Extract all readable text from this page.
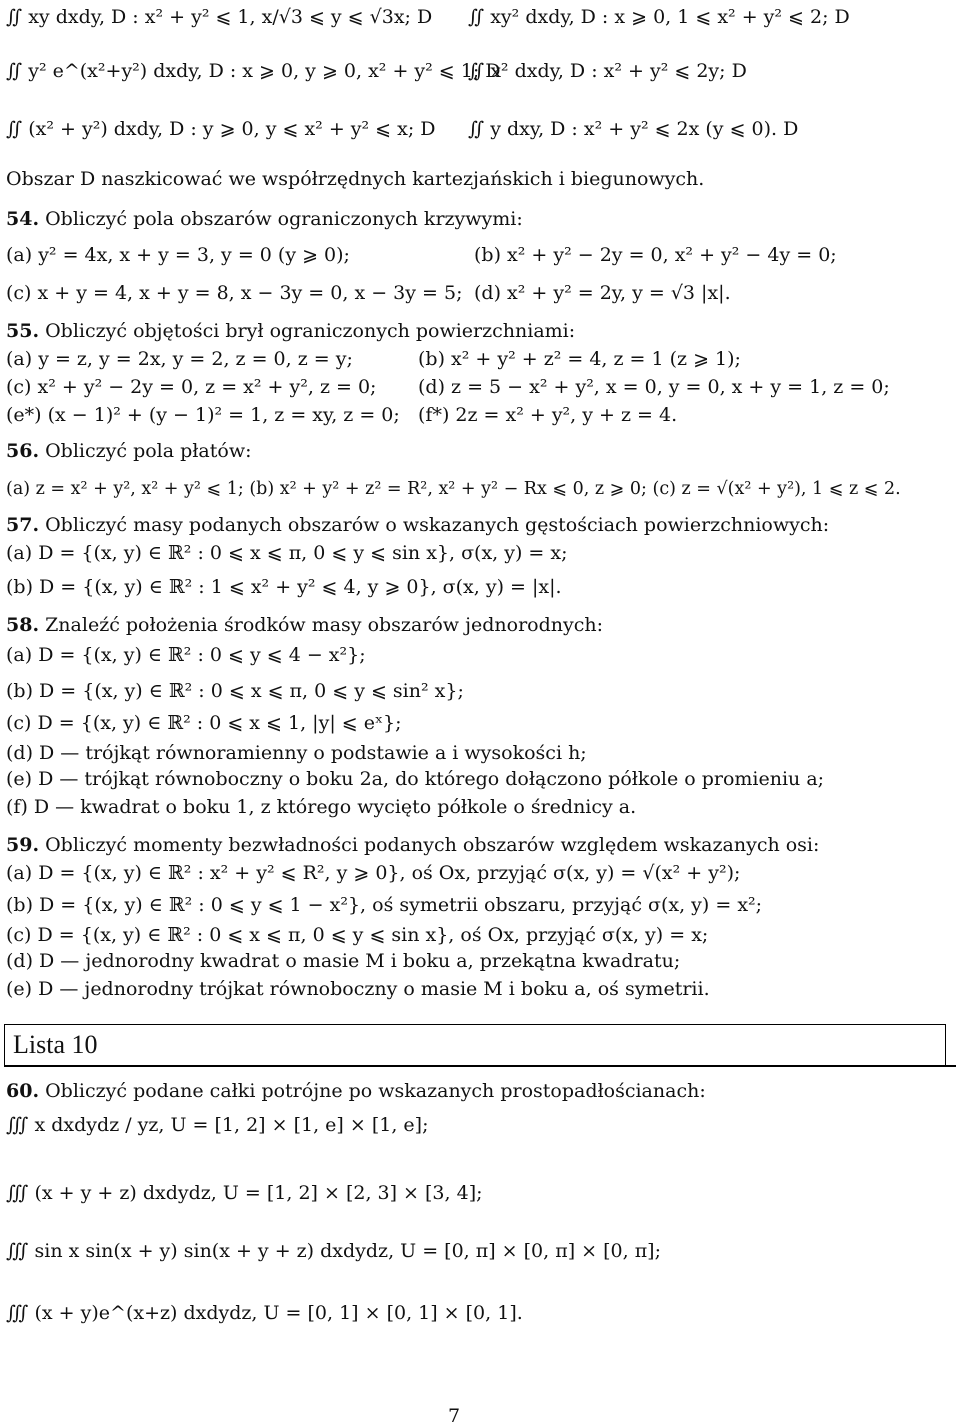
∬ xy dxdy, D : x² + y² ⩽ 1, x/√3 ⩽ y ⩽ √3x; D ∬ xy² dxdy, D : x ⩾ 0, 1 ⩽ x² + y² ⩽ 2; D
∬ y² e^(x²+y²) dxdy, D : x ⩾ 0, y ⩾ 0, x² + y² ⩽ 1; D
∬ x² dxdy, D : x² + y² ⩽ 2y; D
∬ (x² + y²) dxdy, D : y ⩾ 0, y ⩽ x² + y² ⩽ x; D ∬ y dxy, D : x² + y² ⩽ 2x (y ⩽ 0). D
Obszar D naszkicować we współrzędnych kartezjańskich i biegunowych.
54. Obliczyć pola obszarów ograniczonych krzywymi:
(a) y² = 4x, x + y = 3, y = 0 (y ⩾ 0);	(b) x² + y² − 2y = 0, x² + y² − 4y = 0;
(c) x + y = 4, x + y = 8, x − 3y = 0, x − 3y = 5; (d) x² + y² = 2y, y = √3 |x|.
55. Obliczyć objętości brył ograniczonych powierzchniami:
(a) y = z, y = 2x, y = 2, z = 0, z = y;	(b) x² + y² + z² = 4, z = 1 (z ⩾ 1);
(c) x² + y² − 2y = 0, z = x² + y², z = 0; (d) z = 5 − x² + y², x = 0, y = 0, x + y = 1, z = 0;
(e*) (x − 1)² + (y − 1)² = 1, z = xy, z = 0; (f*) 2z = x² + y², y + z = 4.
56. Obliczyć pola płatów:
(a) z = x² + y², x² + y² ⩽ 1; (b) x² + y² + z² = R², x² + y² − Rx ⩽ 0, z ⩾ 0; (c) z = √(x² + y²), 1 ⩽ z ⩽ 2.
57. Obliczyć masy podanych obszarów o wskazanych gęstościach powierzchniowych:
(a) D = {(x, y) ∈ ℝ² : 0 ⩽ x ⩽ π, 0 ⩽ y ⩽ sin x}, σ(x, y) = x;
(b) D = {(x, y) ∈ ℝ² : 1 ⩽ x² + y² ⩽ 4, y ⩾ 0}, σ(x, y) = |x|.
58. Znaleźć położenia środków masy obszarów jednorodnych:
(a) D = {(x, y) ∈ ℝ² : 0 ⩽ y ⩽ 4 − x²};
(b) D = {(x, y) ∈ ℝ² : 0 ⩽ x ⩽ π, 0 ⩽ y ⩽ sin² x};
(c) D = {(x, y) ∈ ℝ² : 0 ⩽ x ⩽ 1, |y| ⩽ eˣ};
(d) D — trójkąt równoramienny o podstawie a i wysokości h;
(e) D — trójkąt równoboczny o boku 2a, do którego dołączono półkole o promieniu a;
(f) D — kwadrat o boku 1, z którego wycięto półkole o średnicy a.
59. Obliczyć momenty bezwładności podanych obszarów względem wskazanych osi:
(a) D = {(x, y) ∈ ℝ² : x² + y² ⩽ R², y ⩾ 0}, oś Ox, przyjąć σ(x, y) = √(x² + y²);
(b) D = {(x, y) ∈ ℝ² : 0 ⩽ y ⩽ 1 − x²}, oś symetrii obszaru, przyjąć σ(x, y) = x²;
(c) D = {(x, y) ∈ ℝ² : 0 ⩽ x ⩽ π, 0 ⩽ y ⩽ sin x}, oś Ox, przyjąć σ(x, y) = x;
(d) D — jednorodny kwadrat o masie M i boku a, przekątna kwadratu;
(e) D — jednorodny trójkat równoboczny o masie M i boku a, oś symetrii.
Lista 10
60. Obliczyć podane całki potrójne po wskazanych prostopadłościanach:
∭ x dxdydz / yz, U = [1, 2] × [1, e] × [1, e];
∭ (x + y + z) dxdydz, U = [1, 2] × [2, 3] × [3, 4];
∭ sin x sin(x + y) sin(x + y + z) dxdydz, U = [0, π] × [0, π] × [0, π];
∭ (x + y)e^(x+z) dxdydz, U = [0, 1] × [0, 1] × [0, 1].
7
